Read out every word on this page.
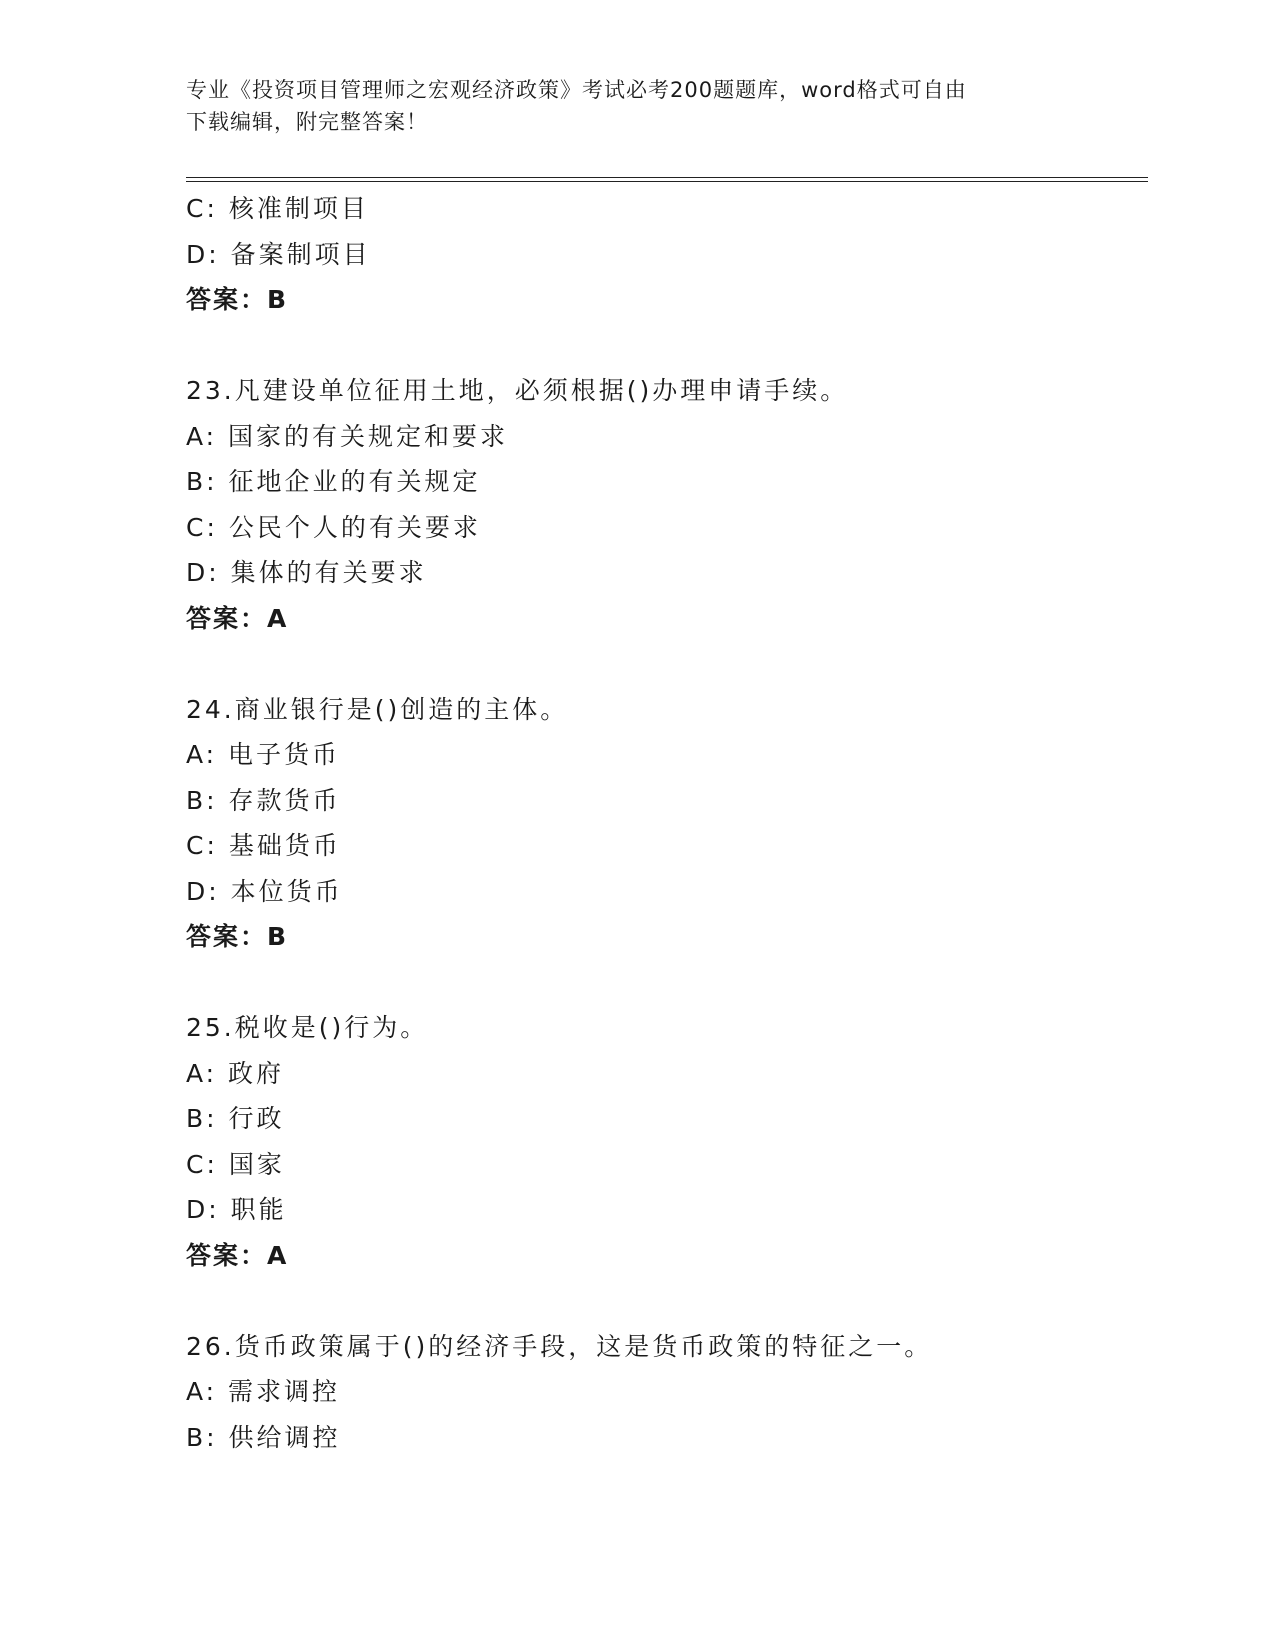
专业《投资项目管理师之宏观经济政策》考试必考200题题库，word格式可自由
下载编辑，附完整答案！
C: 核准制项目
D: 备案制项目
答案：B
23.凡建设单位征用土地，必须根据()办理申请手续。
A: 国家的有关规定和要求
B: 征地企业的有关规定
C: 公民个人的有关要求
D: 集体的有关要求
答案：A
24.商业银行是()创造的主体。
A: 电子货币
B: 存款货币
C: 基础货币
D: 本位货币
答案：B
25.税收是()行为。
A: 政府
B: 行政
C: 国家
D: 职能
答案：A
26.货币政策属于()的经济手段，这是货币政策的特征之一。
A: 需求调控
B: 供给调控
